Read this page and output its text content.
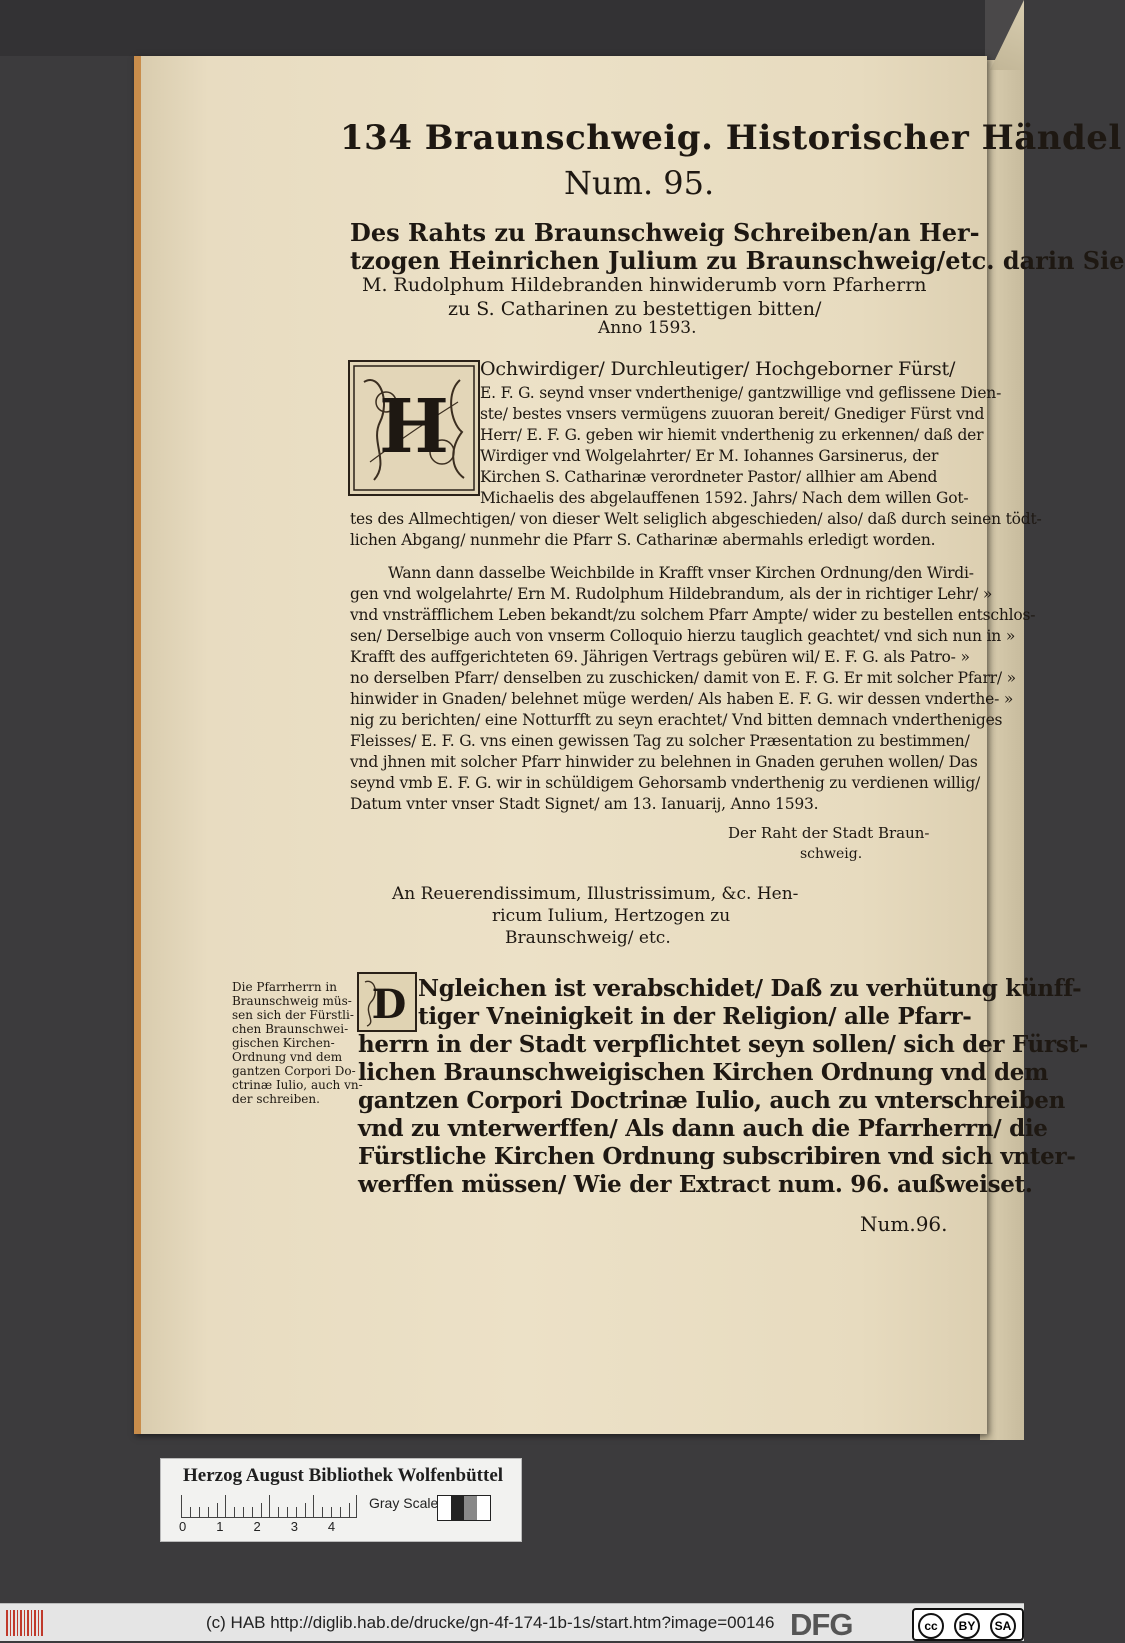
134 Braunschweig. Historischer Händel
Num. 95.
Des Rahts zu Braunschweig Schreiben/an Her-
tzogen Heinrichen Julium zu Braunschweig/etc. darin Sie
M. Rudolphum Hildebranden hinwiderumb vorn Pfarherrn
zu S. Catharinen zu bestettigen bitten/
Anno 1593.
H
Ochwirdiger/ Durchleutiger/ Hochgeborner Fürst/
E. F. G. seynd vnser vnderthenige/ gantzwillige vnd geflissene Dien-
ste/ bestes vnsers vermügens zuuoran bereit/ Gnediger Fürst vnd
Herr/ E. F. G. geben wir hiemit vnderthenig zu erkennen/ daß der
Wirdiger vnd Wolgelahrter/ Er M. Iohannes Garsinerus, der
Kirchen S. Catharinæ verordneter Pastor/ allhier am Abend
Michaelis des abgelauffenen 1592. Jahrs/ Nach dem willen Got-
tes des Allmechtigen/ von dieser Welt seliglich abgeschieden/ also/ daß durch seinen tödt-
lichen Abgang/ nunmehr die Pfarr S. Catharinæ abermahls erledigt worden.
Wann dann dasselbe Weichbilde in Krafft vnser Kirchen Ordnung/den Wirdi-
gen vnd wolgelahrte/ Ern M. Rudolphum Hildebrandum, als der in richtiger Lehr/ »
vnd vnsträfflichem Leben bekandt/zu solchem Pfarr Ampte/ wider zu bestellen entschlos-
sen/ Derselbige auch von vnserm Colloquio hierzu tauglich geachtet/ vnd sich nun in »
Krafft des auffgerichteten 69. Jährigen Vertrags gebüren wil/ E. F. G. als Patro- »
no derselben Pfarr/ denselben zu zuschicken/ damit von E. F. G. Er mit solcher Pfarr/ »
hinwider in Gnaden/ belehnet müge werden/ Als haben E. F. G. wir dessen vnderthe- »
nig zu berichten/ eine Notturfft zu seyn erachtet/ Vnd bitten demnach vndertheniges
Fleisses/ E. F. G. vns einen gewissen Tag zu solcher Præsentation zu bestimmen/
vnd jhnen mit solcher Pfarr hinwider zu belehnen in Gnaden geruhen wollen/ Das
seynd vmb E. F. G. wir in schüldigem Gehorsamb vnderthenig zu verdienen willig/
Datum vnter vnser Stadt Signet/ am 13. Ianuarij, Anno 1593.
Der Raht der Stadt Braun-
schweig.
An Reuerendissimum, Illustrissimum, &c. Hen-
ricum Iulium, Hertzogen zu
Braunschweig/ etc.
Die Pfarrherrn in
Braunschweig müs-
sen sich der Fürstli-
chen Braunschwei-
gischen Kirchen-
Ordnung vnd dem
gantzen Corpori Do-
ctrinæ Iulio, auch vn-
der schreiben.
D Ngleichen ist verabschidet/ Daß zu verhütung künff-
tiger Vneinigkeit in der Religion/ alle Pfarr-
herrn in der Stadt verpflichtet seyn sollen/ sich der Fürst-
lichen Braunschweigischen Kirchen Ordnung vnd dem
gantzen Corpori Doctrinæ Iulio, auch zu vnterschreiben
vnd zu vnterwerffen/ Als dann auch die Pfarrherrn/ die
Fürstliche Kirchen Ordnung subscribiren vnd sich vnter-
werffen müssen/ Wie der Extract num. 96. außweiset.
Num.96.
Herzog August Bibliothek Wolfenbüttel
01234
Gray Scale
(c) HAB http://diglib.hab.de/drucke/gn-4f-174-1b-1s/start.htm?image=00146 DFG	cc	BY	SA
